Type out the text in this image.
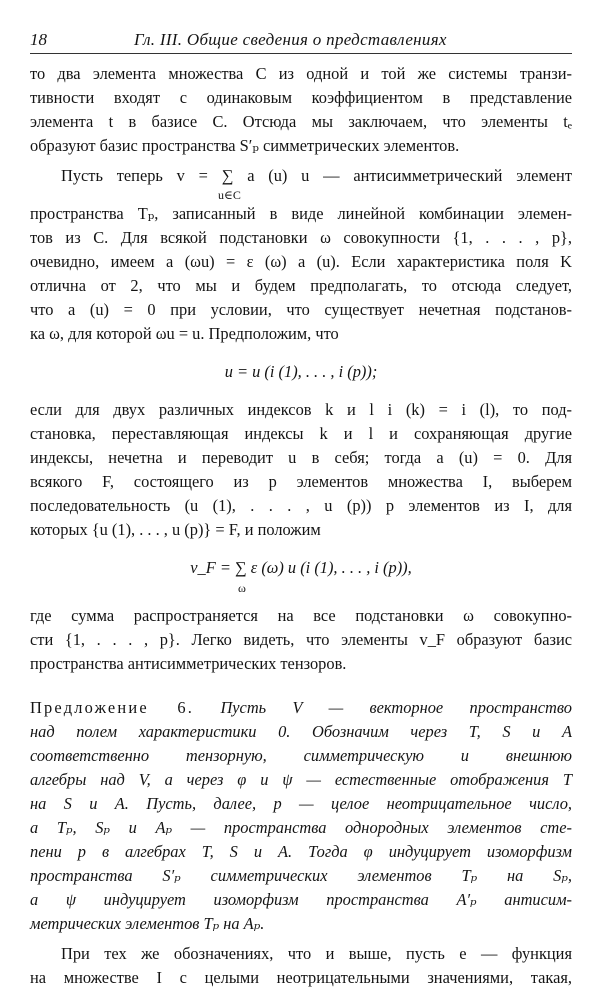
18	Гл. III. Общие сведения о представлениях

то два элемента множества C из одной и той же системы транзи-
тивности входят с одинаковым коэффициентом в представление
элемента t в базисе C. Отсюда мы заключаем, что элементы tₑ
образуют базис пространства S′ₚ симметрических элементов.

Пусть теперь v = ∑ a (u) u — антисимметрический элемент
u∈C
пространства Tₚ, записанный в виде линейной комбинации элемен-
тов из C. Для всякой подстановки ω совокупности {1, . . . , p},
очевидно, имеем a (ωu) = ε (ω) a (u). Если характеристика поля K
отлична от 2, что мы и будем предполагать, то отсюда следует,
что a (u) = 0 при условии, что существует нечетная подстанов-
ка ω, для которой ωu = u. Предположим, что

u = u (i (1), . . . , i (p));

если для двух различных индексов k и l i (k) = i (l), то под-
становка, переставляющая индексы k и l и сохраняющая другие
индексы, нечетна и переводит u в себя; тогда a (u) = 0. Для
всякого F, состоящего из p элементов множества I, выберем
последовательность (u (1), . . . , u (p)) p элементов из I, для
которых {u (1), . . . , u (p)} = F, и положим

v_F = ∑ ε (ω) u (i (1), . . . , i (p)),
ω

где сумма распространяется на все подстановки ω совокупно-
сти {1, . . . , p}. Легко видеть, что элементы v_F образуют базис
пространства антисимметрических тензоров.

Предложение 6. Пусть V — векторное пространство
над полем характеристики 0. Обозначим через T, S и A
соответственно тензорную, симметрическую и внешнюю
алгебры над V, а через φ и ψ — естественные отображения T
на S и A. Пусть, далее, p — целое неотрицательное число,
а Tₚ, Sₚ и Aₚ — пространства однородных элементов сте-
пени p в алгебрах T, S и A. Тогда φ индуцирует изоморфизм
пространства S′ₚ симметрических элементов Tₚ на Sₚ,
а ψ индуцирует изоморфизм пространства A′ₚ антисим-
метрических элементов Tₚ на Aₚ.

При тех же обозначениях, что и выше, пусть e — функция
на множестве I с целыми неотрицательными значениями, такая,
